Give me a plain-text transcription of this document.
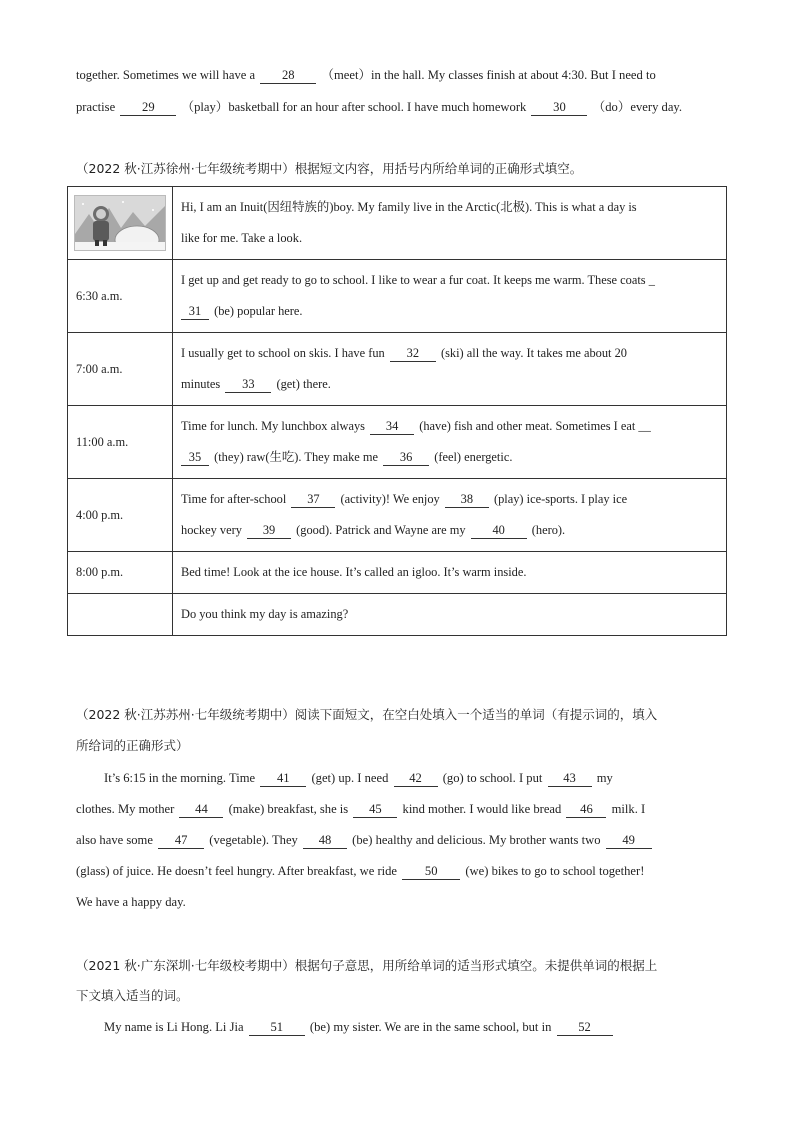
together. Sometimes we will have a 28 （meet）in the hall. My classes finish at about 4:30. But I need to
practise 29 （play）basketball for an hour after school. I have much homework 30 （do）every day.
（2022 秋·江苏徐州·七年级统考期中）根据短文内容，用括号内所给单词的正确形式填空。

Hi, I am an Inuit(因纽特族的)boy. My family live in the Arctic(北极). This is what a day is
like for me. Take a look.

6:30 a.m.	I get up and get ready to go to school. I like to wear a fur coat. It keeps me warm. These coats _
31 (be) popular here.

7:00 a.m.	I usually get to school on skis. I have fun 32 (ski) all the way. It takes me about 20
minutes 33 (get) there.

11:00 a.m.	Time for lunch. My lunchbox always 34 (have) fish and other meat. Sometimes I eat __
35 (they) raw(生吃). They make me 36 (feel) energetic.

4:00 p.m.	Time for after-school 37 (activity)! We enjoy 38 (play) ice-sports. I play ice
hockey very 39 (good). Patrick and Wayne are my 40 (hero).

8:00 p.m.	Bed time! Look at the ice house. It’s called an igloo. It’s warm inside.

	Do you think my day is amazing?
（2022 秋·江苏苏州·七年级统考期中）阅读下面短文，在空白处填入一个适当的单词（有提示词的，填入
所给词的正确形式）
It’s 6:15 in the morning. Time 41 (get) up. I need 42 (go) to school. I put 43 my
clothes. My mother 44 (make) breakfast, she is 45 kind mother. I would like bread 46 milk. I
also have some 47 (vegetable). They 48 (be) healthy and delicious. My brother wants two 49
(glass) of juice. He doesn’t feel hungry. After breakfast, we ride 50 (we) bikes to go to school together!
We have a happy day.
（2021 秋·广东深圳·七年级校考期中）根据句子意思，用所给单词的适当形式填空。未提供单词的根据上
下文填入适当的词。
My name is Li Hong. Li Jia 51 (be) my sister. We are in the same school, but in 52
